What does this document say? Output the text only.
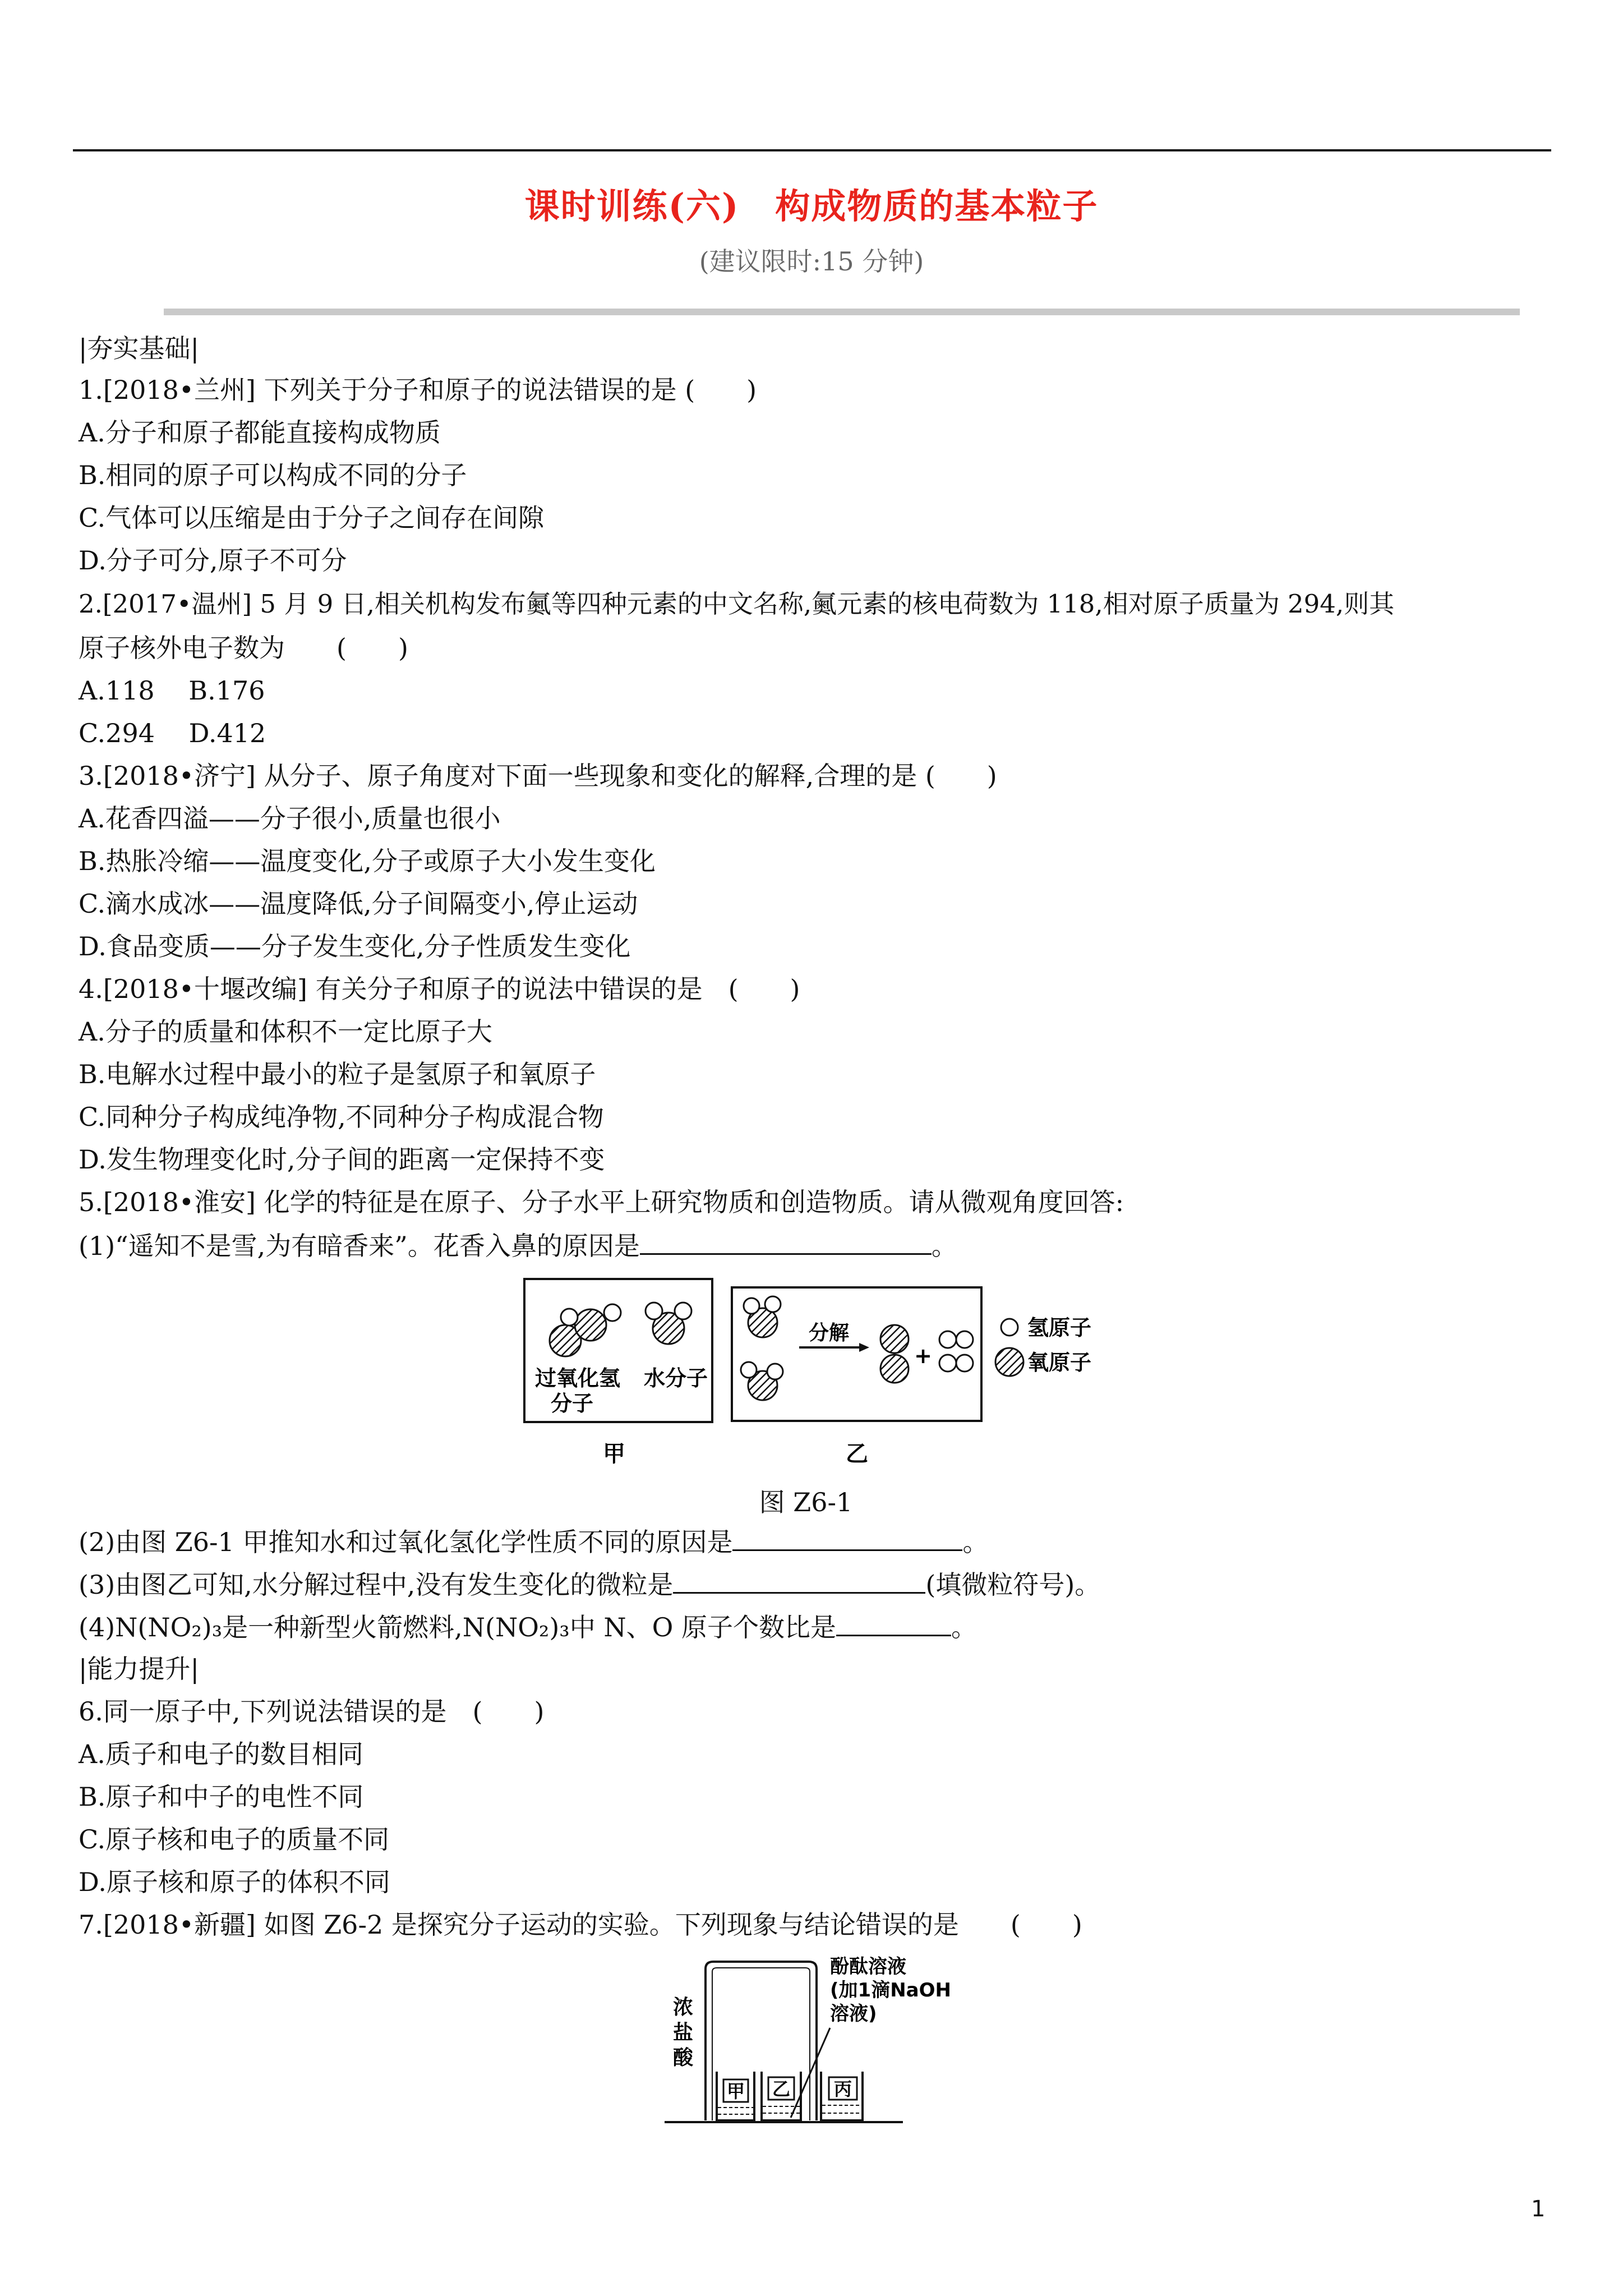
课时训练(六)　构成物质的基本粒子
(建议限时:15 分钟)
|夯实基础|
1.[2018•兰州] 下列关于分子和原子的说法错误的是 (　　)
A.分子和原子都能直接构成物质
B.相同的原子可以构成不同的分子
C.气体可以压缩是由于分子之间存在间隙
D.分子可分,原子不可分
2.[2017•温州] 5 月 9 日,相关机构发布鿫等四种元素的中文名称,鿫元素的核电荷数为 118,相对原子质量为 294,则其
原子核外电子数为　　(　　)
A.118　 B.176
C.294　 D.412
3.[2018•济宁] 从分子、原子角度对下面一些现象和变化的解释,合理的是 (　　)
A.花香四溢——分子很小,质量也很小
B.热胀冷缩——温度变化,分子或原子大小发生变化
C.滴水成冰——温度降低,分子间隔变小,停止运动
D.食品变质——分子发生变化,分子性质发生变化
4.[2018•十堰改编] 有关分子和原子的说法中错误的是　(　　)
A.分子的质量和体积不一定比原子大
B.电解水过程中最小的粒子是氢原子和氧原子
C.同种分子构成纯净物,不同种分子构成混合物
D.发生物理变化时,分子间的距离一定保持不变
5.[2018•淮安] 化学的特征是在原子、分子水平上研究物质和创造物质。请从微观角度回答:
(1)“遥知不是雪,为有暗香来”。花香入鼻的原因是	。
过氧化氢
分子
水分子
甲
分解
+
乙
氢原子
氧原子
图 Z6-1
(2)由图 Z6-1 甲推知水和过氧化氢化学性质不同的原因是	。
(3)由图乙可知,水分解过程中,没有发生变化的微粒是	(填微粒符号)。
(4)N(NO₂)₃是一种新型火箭燃料,N(NO₂)₃中 N、O 原子个数比是	。
|能力提升|
6.同一原子中,下列说法错误的是　(　　)
A.质子和电子的数目相同
B.原子和中子的电性不同
C.原子核和电子的质量不同
D.原子核和原子的体积不同
7.[2018•新疆] 如图 Z6-2 是探究分子运动的实验。下列现象与结论错误的是　　(　　)
浓
盐
酸
酚酞溶液
(加1滴NaOH
溶液)
甲 乙 丙
1
